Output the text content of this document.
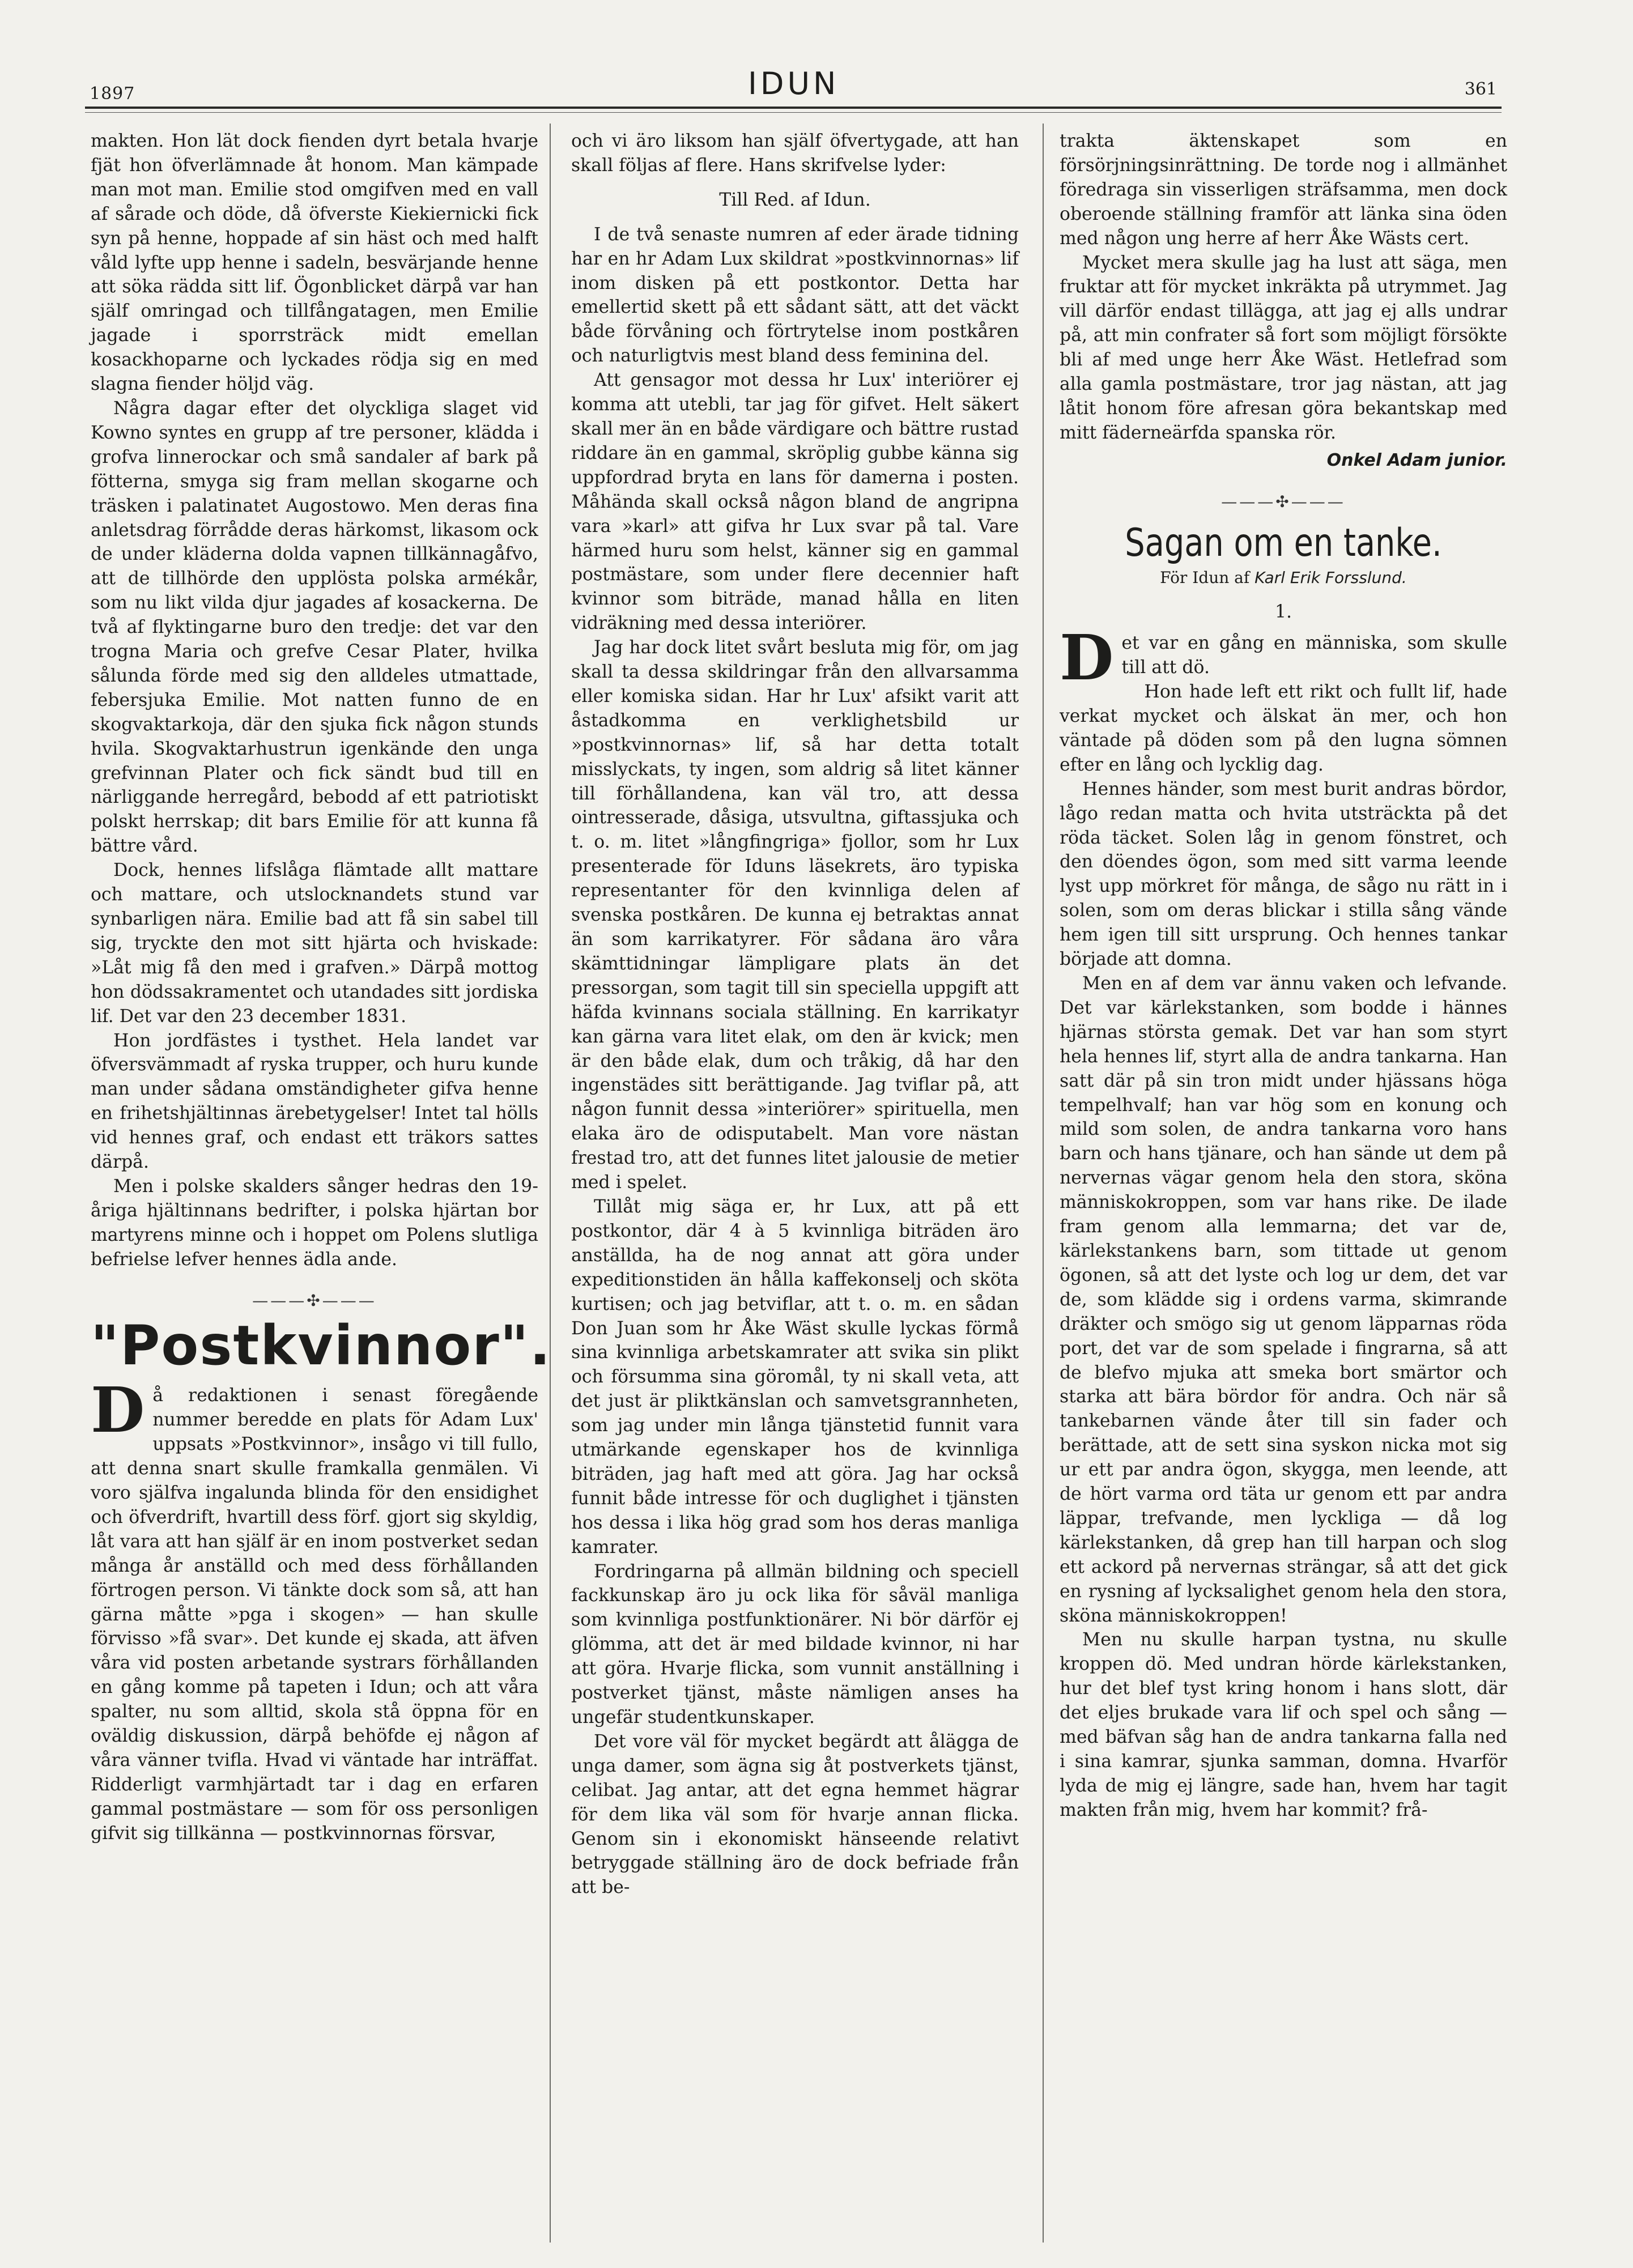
1897	IDUN	361

makten. Hon lät dock fienden dyrt betala hvarje fjät hon öfverlämnade åt honom. Man kämpade man mot man. Emilie stod omgifven med en vall af sårade och döde, då öfverste Kiekiernicki fick syn på henne, hoppade af sin häst och med halft våld lyfte upp henne i sadeln, besvärjande henne att söka rädda sitt lif. Ögonblicket därpå var han själf omringad och tillfångatagen, men Emilie jagade i sporrsträck midt emellan kosackhoparne och lyckades rödja sig en med slagna fiender höljd väg.

Några dagar efter det olyckliga slaget vid Kowno syntes en grupp af tre personer, klädda i grofva linnerockar och små sandaler af bark på fötterna, smyga sig fram mellan skogarne och träsken i palatinatet Augostowo. Men deras fina anletsdrag förrådde deras härkomst, likasom ock de under kläderna dolda vapnen tillkännagåfvo, att de tillhörde den upplösta polska armékår, som nu likt vilda djur jagades af kosackerna. De två af flyktingarne buro den tredje: det var den trogna Maria och grefve Cesar Plater, hvilka sålunda förde med sig den alldeles utmattade, febersjuka Emilie. Mot natten funno de en skogvaktarkoja, där den sjuka fick någon stunds hvila. Skogvaktarhustrun igenkände den unga grefvinnan Plater och fick sändt bud till en närliggande herregård, bebodd af ett patriotiskt polskt herrskap; dit bars Emilie för att kunna få bättre vård.

Dock, hennes lifslåga flämtade allt mattare och mattare, och utslocknandets stund var synbarligen nära. Emilie bad att få sin sabel till sig, tryckte den mot sitt hjärta och hviskade: »Låt mig få den med i grafven.» Därpå mottog hon dödssakramentet och utandades sitt jordiska lif. Det var den 23 december 1831.

Hon jordfästes i tysthet. Hela landet var öfversvämmadt af ryska trupper, och huru kunde man under sådana omständigheter gifva henne en frihetshjältinnas ärebetygelser! Intet tal hölls vid hennes graf, och endast ett träkors sattes därpå.

Men i polske skalders sånger hedras den 19-åriga hjältinnans bedrifter, i polska hjärtan bor martyrens minne och i hoppet om Polens slutliga befrielse lefver hennes ädla ande.

———✣———
"Postkvinnor".
D å redaktionen i senast föregående nummer beredde en plats för Adam Lux' uppsats »Postkvinnor», insågo vi till fullo, att denna snart skulle framkalla genmälen. Vi voro själfva ingalunda blinda för den ensidighet och öfverdrift, hvartill dess förf. gjort sig skyldig, låt vara att han själf är en inom postverket sedan många år anställd och med dess förhållanden förtrogen person. Vi tänkte dock som så, att han gärna måtte »pga i skogen» — han skulle förvisso »få svar». Det kunde ej skada, att äfven våra vid posten arbetande systrars förhållanden en gång komme på tapeten i Idun; och att våra spalter, nu som alltid, skola stå öppna för en oväldig diskussion, därpå behöfde ej någon af våra vänner tvifla. Hvad vi väntade har inträffat. Ridderligt varmhjärtadt tar i dag en erfaren gammal postmästare — som för oss personligen gifvit sig tillkänna — postkvinnornas försvar,

och vi äro liksom han själf öfvertygade, att han skall följas af flere. Hans skrifvelse lyder:

Till Red. af Idun.

I de två senaste numren af eder ärade tidning har en hr Adam Lux skildrat »postkvinnornas» lif inom disken på ett postkontor. Detta har emellertid skett på ett sådant sätt, att det väckt både förvåning och förtrytelse inom postkåren och naturligtvis mest bland dess feminina del.

Att gensagor mot dessa hr Lux' interiörer ej komma att utebli, tar jag för gifvet. Helt säkert skall mer än en både värdigare och bättre rustad riddare än en gammal, skröplig gubbe känna sig uppfordrad bryta en lans för damerna i posten. Måhända skall också någon bland de angripna vara »karl» att gifva hr Lux svar på tal. Vare härmed huru som helst, känner sig en gammal postmästare, som under flere decennier haft kvinnor som biträde, manad hålla en liten vidräkning med dessa interiörer.

Jag har dock litet svårt besluta mig för, om jag skall ta dessa skildringar från den allvarsamma eller komiska sidan. Har hr Lux' afsikt varit att åstadkomma en verklighetsbild ur »postkvinnornas» lif, så har detta totalt misslyckats, ty ingen, som aldrig så litet känner till förhållandena, kan väl tro, att dessa ointresserade, dåsiga, utsvultna, giftassjuka och t. o. m. litet »långfingriga» fjollor, som hr Lux presenterade för Iduns läsekrets, äro typiska representanter för den kvinnliga delen af svenska postkåren. De kunna ej betraktas annat än som karrikatyrer. För sådana äro våra skämttidningar lämpligare plats än det pressorgan, som tagit till sin speciella uppgift att häfda kvinnans sociala ställning. En karrikatyr kan gärna vara litet elak, om den är kvick; men är den både elak, dum och tråkig, då har den ingenstädes sitt berättigande. Jag tviflar på, att någon funnit dessa »interiörer» spirituella, men elaka äro de odisputabelt. Man vore nästan frestad tro, att det funnes litet jalousie de metier med i spelet.

Tillåt mig säga er, hr Lux, att på ett postkontor, där 4 à 5 kvinnliga biträden äro anställda, ha de nog annat att göra under expeditionstiden än hålla kaffekonselj och sköta kurtisen; och jag betviflar, att t. o. m. en sådan Don Juan som hr Åke Wäst skulle lyckas förmå sina kvinnliga arbetskamrater att svika sin plikt och försumma sina göromål, ty ni skall veta, att det just är pliktkänslan och samvetsgrannheten, som jag under min långa tjänstetid funnit vara utmärkande egenskaper hos de kvinnliga biträden, jag haft med att göra. Jag har också funnit både intresse för och duglighet i tjänsten hos dessa i lika hög grad som hos deras manliga kamrater.

Fordringarna på allmän bildning och speciell fackkunskap äro ju ock lika för såväl manliga som kvinnliga postfunktionärer. Ni bör därför ej glömma, att det är med bildade kvinnor, ni har att göra. Hvarje flicka, som vunnit anställning i postverket tjänst, måste nämligen anses ha ungefär studentkunskaper.

Det vore väl för mycket begärdt att ålägga de unga damer, som ägna sig åt postverkets tjänst, celibat. Jag antar, att det egna hemmet hägrar för dem lika väl som för hvarje annan flicka. Genom sin i ekonomiskt hänseende relativt betryggade ställning äro de dock befriade från att be-

trakta äktenskapet som en försörjningsinrättning. De torde nog i allmänhet föredraga sin visserligen sträfsamma, men dock oberoende ställning framför att länka sina öden med någon ung herre af herr Åke Wästs cert.

Mycket mera skulle jag ha lust att säga, men fruktar att för mycket inkräkta på utrymmet. Jag vill därför endast tillägga, att jag ej alls undrar på, att min confrater så fort som möjligt försökte bli af med unge herr Åke Wäst. Hetlefrad som alla gamla postmästare, tror jag nästan, att jag låtit honom före afresan göra bekantskap med mitt fäderneärfda spanska rör.

Onkel Adam junior.
———✣———
Sagan om en tanke.
För Idun af Karl Erik Forsslund.
1.
D et var en gång en människa, som skulle till att dö.

Hon hade left ett rikt och fullt lif, hade verkat mycket och älskat än mer, och hon väntade på döden som på den lugna sömnen efter en lång och lycklig dag.

Hennes händer, som mest burit andras bördor, lågo redan matta och hvita utsträckta på det röda täcket. Solen låg in genom fönstret, och den döendes ögon, som med sitt varma leende lyst upp mörkret för många, de sågo nu rätt in i solen, som om deras blickar i stilla sång vände hem igen till sitt ursprung. Och hennes tankar började att domna.

Men en af dem var ännu vaken och lefvande. Det var kärlekstanken, som bodde i hännes hjärnas största gemak. Det var han som styrt hela hennes lif, styrt alla de andra tankarna. Han satt där på sin tron midt under hjässans höga tempelhvalf; han var hög som en konung och mild som solen, de andra tankarna voro hans barn och hans tjänare, och han sände ut dem på nervernas vägar genom hela den stora, sköna människokroppen, som var hans rike. De ilade fram genom alla lemmarna; det var de, kärlekstankens barn, som tittade ut genom ögonen, så att det lyste och log ur dem, det var de, som klädde sig i ordens varma, skimrande dräkter och smögo sig ut genom läpparnas röda port, det var de som spelade i fingrarna, så att de blefvo mjuka att smeka bort smärtor och starka att bära bördor för andra. Och när så tankebarnen vände åter till sin fader och berättade, att de sett sina syskon nicka mot sig ur ett par andra ögon, skygga, men leende, att de hört varma ord täta ur genom ett par andra läppar, trefvande, men lyckliga — då log kärlekstanken, då grep han till harpan och slog ett ackord på nervernas strängar, så att det gick en rysning af lycksalighet genom hela den stora, sköna människokroppen!

Men nu skulle harpan tystna, nu skulle kroppen dö. Med undran hörde kärlekstanken, hur det blef tyst kring honom i hans slott, där det eljes brukade vara lif och spel och sång — med bäfvan såg han de andra tankarna falla ned i sina kamrar, sjunka samman, domna. Hvarför lyda de mig ej längre, sade han, hvem har tagit makten från mig, hvem har kommit? frå-
